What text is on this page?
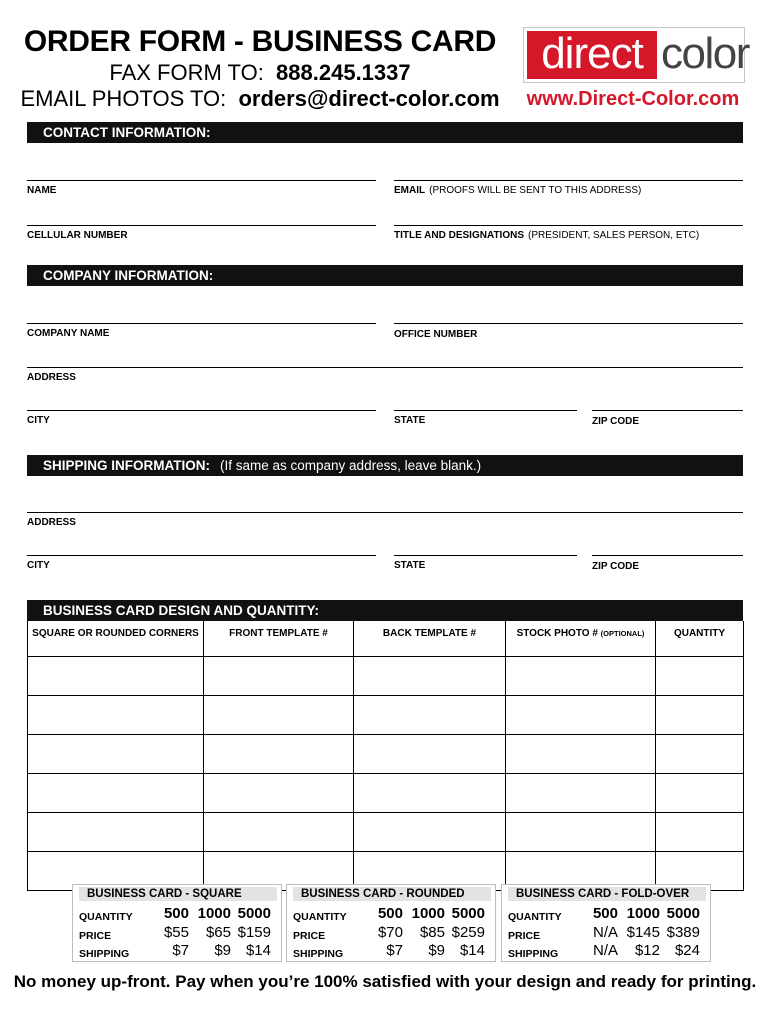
ORDER FORM - BUSINESS CARD
FAX FORM TO: 888.245.1337
EMAIL PHOTOS TO: orders@direct-color.com
direct color
www.Direct-Color.com
CONTACT INFORMATION:
NAME	EMAIL (PROOFS WILL BE SENT TO THIS ADDRESS)
CELLULAR NUMBER	TITLE AND DESIGNATIONS (PRESIDENT, SALES PERSON, ETC)
COMPANY INFORMATION:
COMPANY NAME	OFFICE NUMBER
ADDRESS
CITY	STATE	ZIP CODE
SHIPPING INFORMATION: (If same as company address, leave blank.)
ADDRESS
CITY	STATE	ZIP CODE
BUSINESS CARD DESIGN AND QUANTITY:
SQUARE OR ROUNDED CORNERS	FRONT TEMPLATE #	BACK TEMPLATE #	STOCK PHOTO # (OPTIONAL)	QUANTITY

BUSINESS CARD - SQUARE
QUANTITY	500 1000 5000
PRICE	$55	$65 $159
SHIPPING	$7	$9 $14
BUSINESS CARD - ROUNDED
QUANTITY	500 1000 5000
PRICE	$70	$85 $259
SHIPPING	$7	$9 $14
BUSINESS CARD - FOLD-OVER
QUANTITY	500 1000 5000
PRICE	N/A $145 $389
SHIPPING	N/A	$12 $24
No money up-front. Pay when you’re 100% satisfied with your design and ready for printing.
